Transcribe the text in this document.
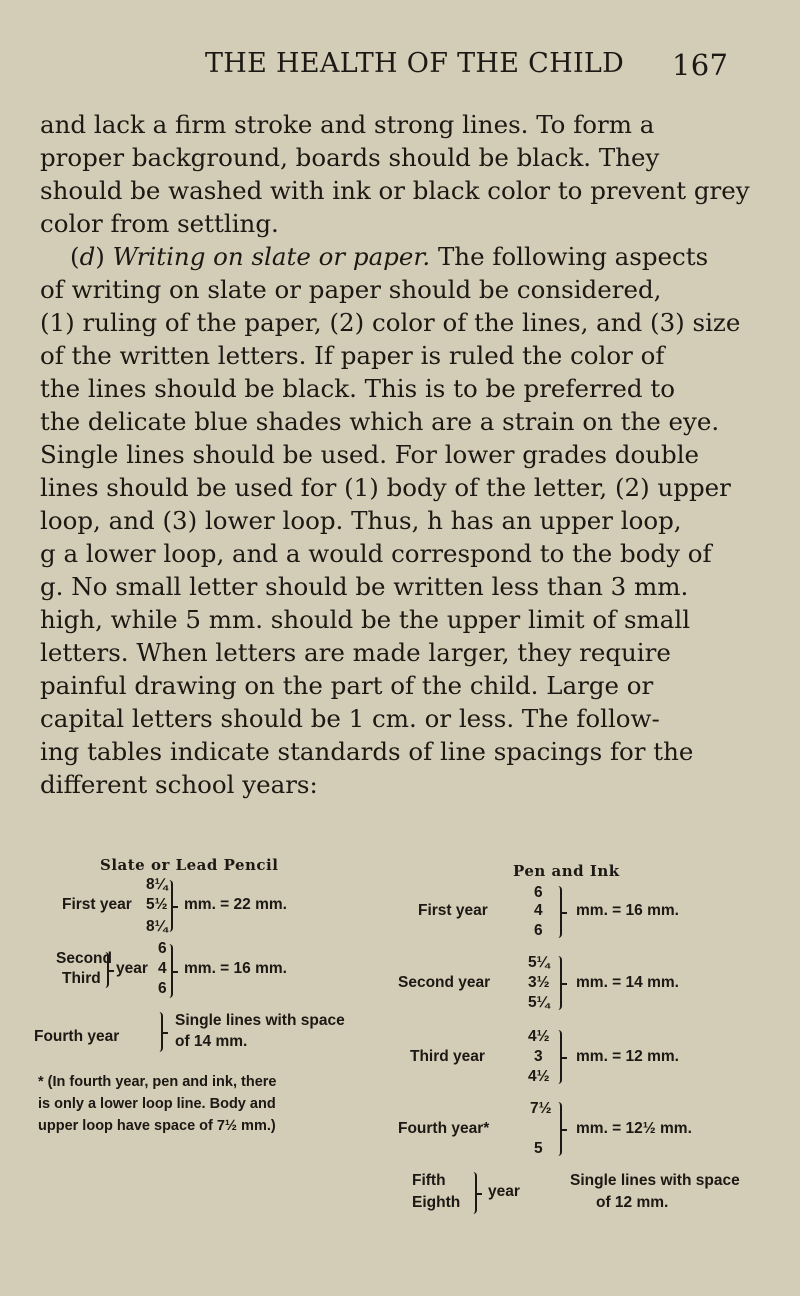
THE HEALTH OF THE CHILD 167
and lack a firm stroke and strong lines. To form a
proper background, boards should be black. They
should be washed with ink or black color to prevent grey
color from settling.
(d) Writing on slate or paper. The following aspects
of writing on slate or paper should be considered,
(1) ruling of the paper, (2) color of the lines, and (3) size
of the written letters. If paper is ruled the color of
the lines should be black. This is to be preferred to
the delicate blue shades which are a strain on the eye.
Single lines should be used. For lower grades double
lines should be used for (1) body of the letter, (2) upper
loop, and (3) lower loop. Thus, h has an upper loop,
g a lower loop, and a would correspond to the body of
g. No small letter should be written less than 3 mm.
high, while 5 mm. should be the upper limit of small
letters. When letters are made larger, they require
painful drawing on the part of the child. Large or
capital letters should be 1 cm. or less. The follow-
ing tables indicate standards of line spacings for the
different school years:
Slate or Lead Pencil
8¼
First year 5½
8¼
mm. = 22 mm.
Second
Third
year
6
4
6
mm. = 16 mm.
Fourth year
Single lines with space
of 14 mm.
* (In fourth year, pen and ink, there
is only a lower loop line. Body and
upper loop have space of 7½ mm.)
Pen and Ink
6
First year	4
6
mm. = 16 mm.
5¼
Second year 3½
5¼
mm. = 14 mm.
4½
Third year	3
4½
mm. = 12 mm.
7½
Fourth year*
5
mm. = 12½ mm.
Fifth
Eighth
year
Single lines with space
of 12 mm.
